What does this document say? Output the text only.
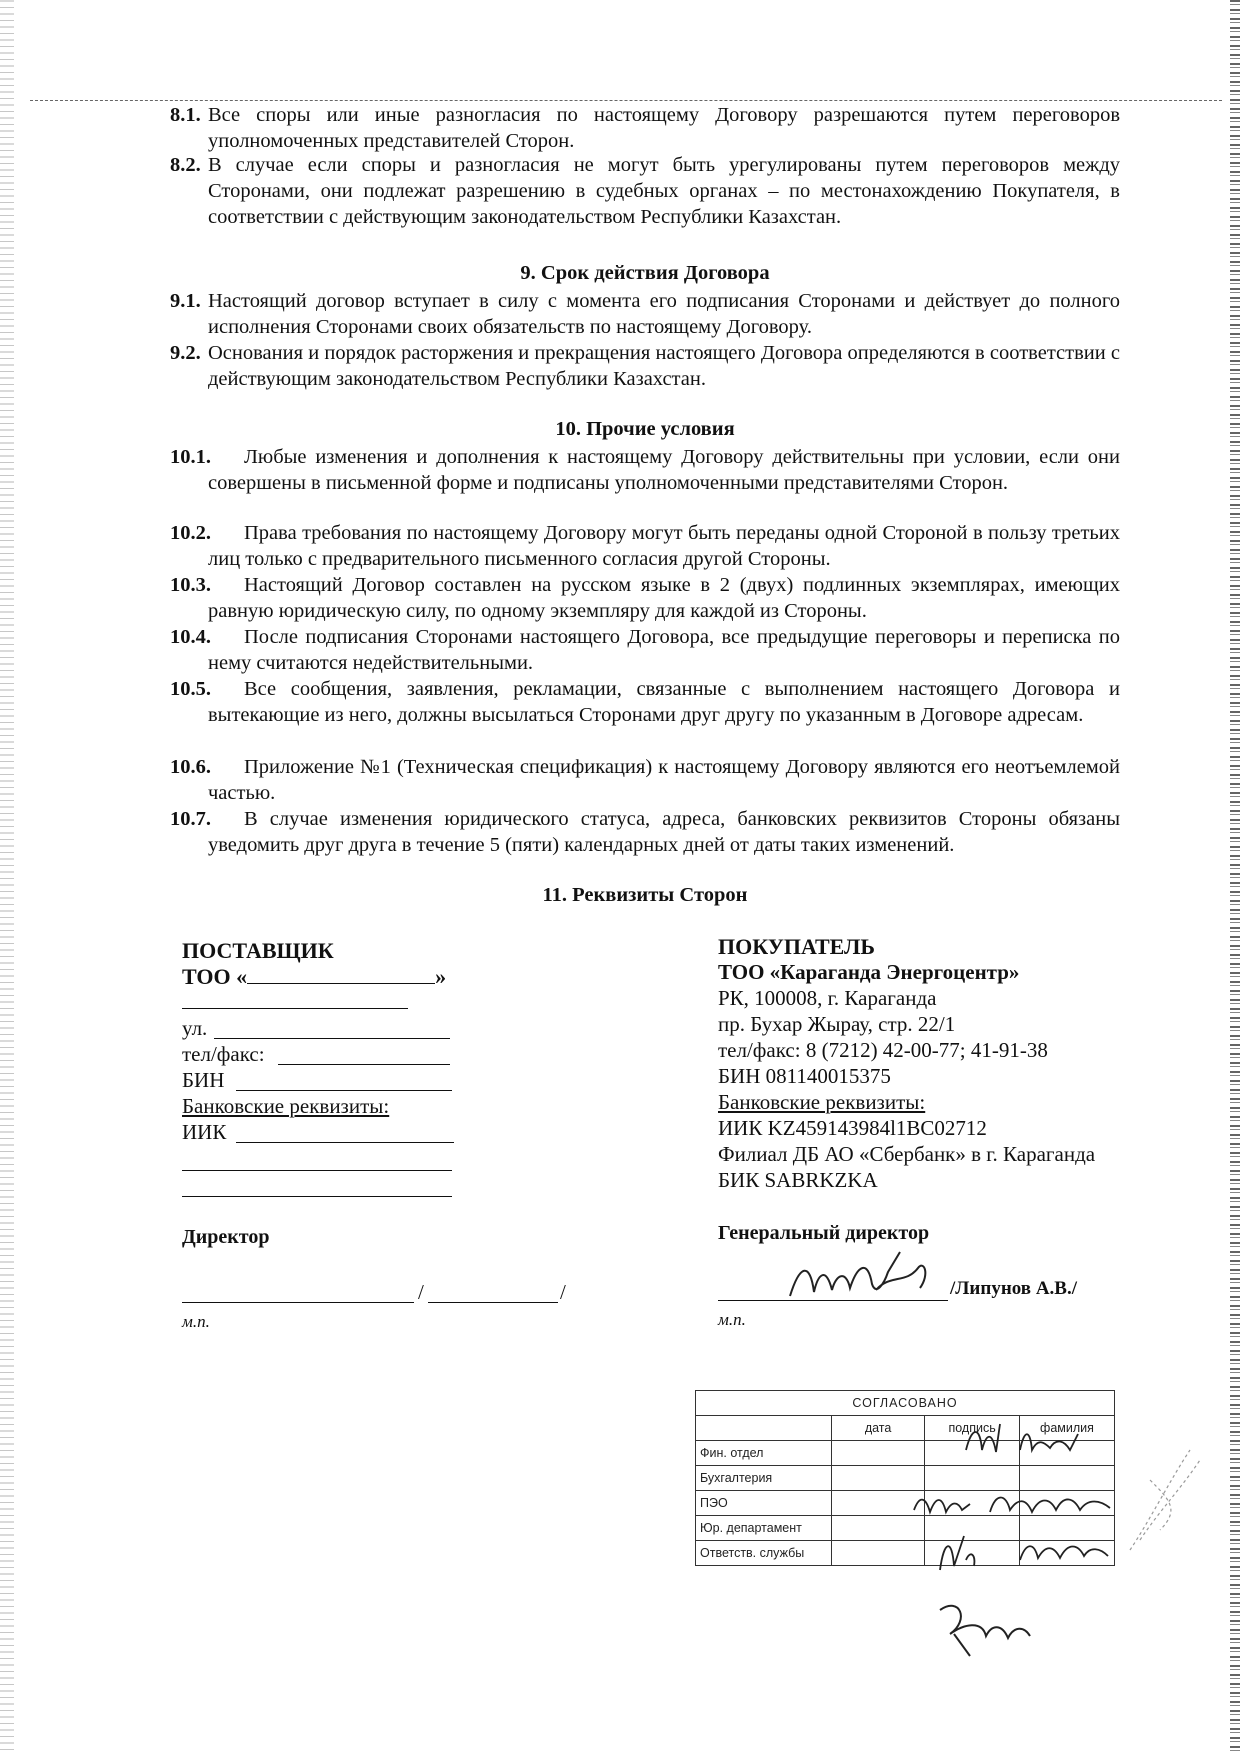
8.1. Все споры или иные разногласия по настоящему Договору разрешаются путем переговоров уполномоченных представителей Сторон.
8.2. В случае если споры и разногласия не могут быть урегулированы путем переговоров между Сторонами, они подлежат разрешению в судебных органах – по местонахождению Покупателя, в соответствии с действующим законодательством Республики Казахстан.
9. Срок действия Договора
9.1. Настоящий договор вступает в силу с момента его подписания Сторонами и действует до полного исполнения Сторонами своих обязательств по настоящему Договору.
9.2. Основания и порядок расторжения и прекращения настоящего Договора определяются в соответствии с действующим законодательством Республики Казахстан.
10. Прочие условия
10.1.	Любые изменения и дополнения к настоящему Договору действительны при условии, если они совершены в письменной форме и подписаны уполномоченными представителями Сторон.
10.2.	Права требования по настоящему Договору могут быть переданы одной Стороной в пользу третьих лиц только с предварительного письменного согласия другой Стороны.
10.3.	Настоящий Договор составлен на русском языке в 2 (двух) подлинных экземплярах, имеющих равную юридическую силу, по одному экземпляру для каждой из Стороны.
10.4.	После подписания Сторонами настоящего Договора, все предыдущие переговоры и переписка по нему считаются недействительными.
10.5.	Все сообщения, заявления, рекламации, связанные с выполнением настоящего Договора и вытекающие из него, должны высылаться Сторонами друг другу по указанным в Договоре адресам.
10.6.	Приложение №1 (Техническая спецификация) к настоящему Договору являются его неотъемлемой частью.
10.7.	В случае изменения юридического статуса, адреса, банковских реквизитов Стороны обязаны уведомить друг друга в течение 5 (пяти) календарных дней от даты таких изменений.
11. Реквизиты Сторон
ПОСТАВЩИК
ТОО «	»
ул.
тел/факс:
БИН
Банковские реквизиты:
ИИК
Директор
/	/
м.п.
ПОКУПАТЕЛЬ
ТОО «Караганда Энергоцентр»
РК, 100008, г. Караганда
пр. Бухар Жырау, стр. 22/1
тел/факс: 8 (7212) 42-00-77; 41-91-38
БИН 081140015375
Банковские реквизиты:
ИИК KZ459143984l1BC02712
Филиал ДБ АО «Сбербанк» в г. Караганда
БИК SABRKZKA
Генеральный директор
/Липунов А.В./
м.п.
СОГЛАСОВАНО			
	дата	подпись	фамилия
Фин. отдел			
Бухгалтерия			
ПЭО			
Юр. департамент			
Ответств. службы			
